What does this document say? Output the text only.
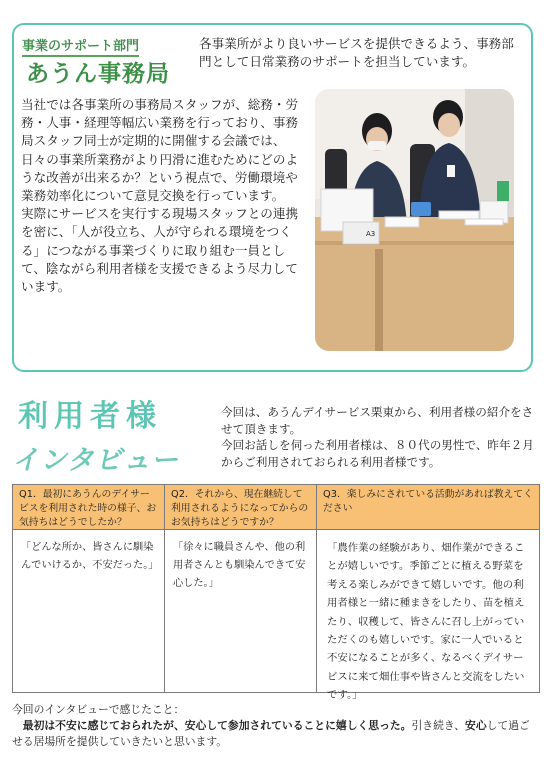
事業のサポート部門
あうん事務局
各事業所がより良いサービスを提供できるよう、事務部門として日常業務のサポートを担当しています。

当社では各事業所の事務局スタッフが、総務・労務・人事・経理等幅広い業務を行っており、事務局スタッフ同士が定期的に開催する会議では、日々の事業所業務がより円滑に進むためにどのような改善が出来るか？という視点で、労働環境や業務効率化について意見交換を行っています。

実際にサービスを実行する現場スタッフとの連携を密に、「人が役立ち、人が守られる環境をつくる」につながる事業づくりに取り組む一員として、陰ながら利用者様を支援できるよう尽力しています。

A3
利用者様
インタビュー

今回は、あうんデイサービス栗東から、利用者様の紹介をさせて頂きます。

今回お話しを伺った利用者様は、８０代の男性で、昨年２月からご利用されておられる利用者様です。

Q1．最初にあうんのデイサービスを利用された時の様子、お気持ちはどうでしたか？
「どんな所か、皆さんに馴染んでいけるか、不安だった。」
Q2．それから、現在継続して利用されるようになってからのお気持ちはどうですか？
「徐々に職員さんや、他の利用者さんとも馴染んできて安心した。」
Q3．楽しみにされている活動があれば教えてください
「農作業の経験があり、畑作業ができることが嬉しいです。季節ごとに植える野菜を考える楽しみができて嬉しいです。他の利用者様と一緒に種まきをしたり、苗を植えたり、収穫して、皆さんに召し上がっていただくのも嬉しいです。家に一人でいると不安になることが多く、なるべくデイサービスに来て畑仕事や皆さんと交流をしたいです。」

今回のインタビューで感じたこと：

　最初は不安に感じておられたが、安心して参加されていることに嬉しく思った。引き続き、安心して過ごせる居場所を提供していきたいと思います。
